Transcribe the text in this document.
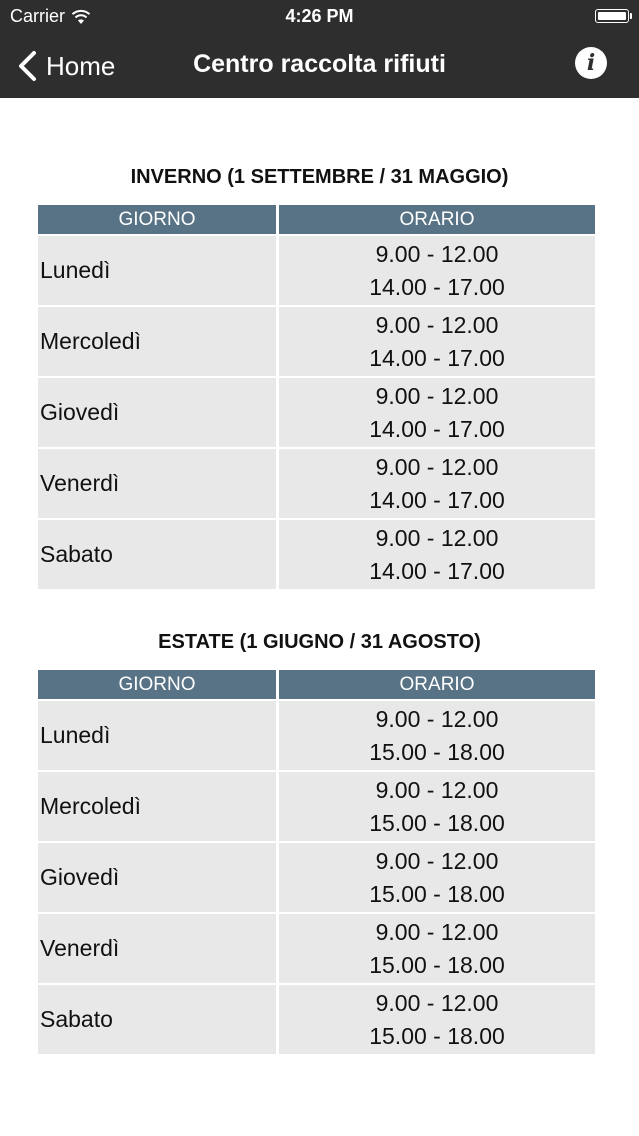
Carrier	4:26 PM
Home	Centro raccolta rifiuti	i
INVERNO (1 SETTEMBRE / 31 MAGGIO)
GIORNO	ORARIO
Lunedì	9.00 - 12.00
14.00 - 17.00

Mercoledì	9.00 - 12.00
14.00 - 17.00

Giovedì	9.00 - 12.00
14.00 - 17.00

Venerdì	9.00 - 12.00
14.00 - 17.00

Sabato	9.00 - 12.00
14.00 - 17.00
ESTATE (1 GIUGNO / 31 AGOSTO)
GIORNO	ORARIO
Lunedì	9.00 - 12.00
15.00 - 18.00

Mercoledì	9.00 - 12.00
15.00 - 18.00

Giovedì	9.00 - 12.00
15.00 - 18.00

Venerdì	9.00 - 12.00
15.00 - 18.00

Sabato	9.00 - 12.00
15.00 - 18.00
